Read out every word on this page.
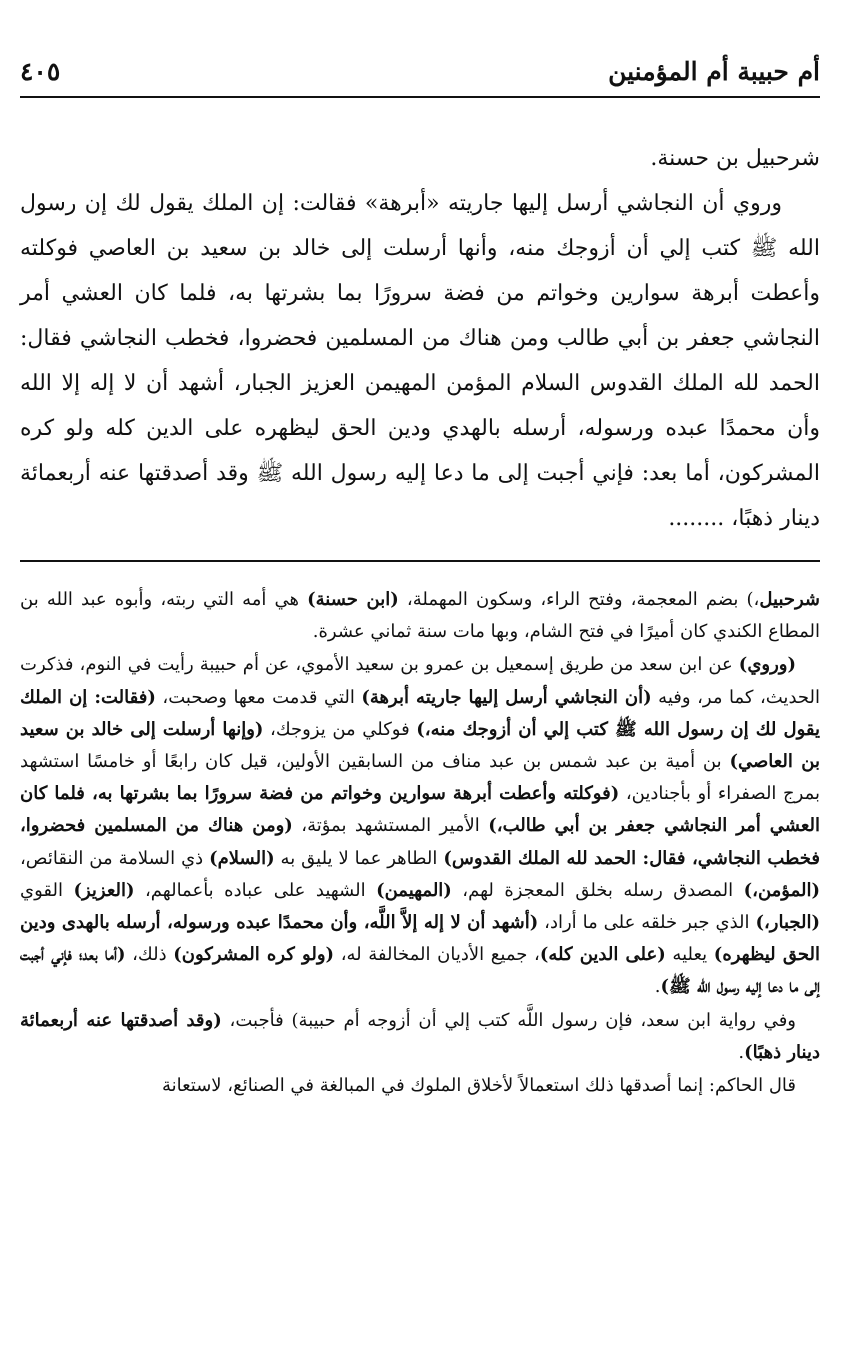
أم حبيبة أم المؤمنين
٤٠٥

شرحبيل بن حسنة.

وروي أن النجاشي أرسل إليها جاريته «أبرهة» فقالت: إن الملك يقول لك إن رسول الله ﷺ كتب إلي أن أزوجك منه، وأنها أرسلت إلى خالد بن سعيد بن العاصي فوكلته وأعطت أبرهة سوارين وخواتم من فضة سرورًا بما بشرتها به، فلما كان العشي أمر النجاشي جعفر بن أبي طالب ومن هناك من المسلمين فحضروا، فخطب النجاشي فقال: الحمد لله الملك القدوس السلام المؤمن المهيمن العزيز الجبار، أشهد أن لا إله إلا الله وأن محمدًا عبده ورسوله، أرسله بالهدي ودين الحق ليظهره على الدين كله ولو كره المشركون، أما بعد: فإني أجبت إلى ما دعا إليه رسول الله ﷺ وقد أصدقتها عنه أربعمائة دينار ذهبًا، ........

شرحبيل،) بضم المعجمة، وفتح الراء، وسكون المهملة، (ابن حسنة) هي أمه التي ربته، وأبوه عبد الله بن المطاع الكندي كان أميرًا في فتح الشام، وبها مات سنة ثماني عشرة.

(وروي) عن ابن سعد من طريق إسمعيل بن عمرو بن سعيد الأموي، عن أم حبيبة رأيت في النوم، فذكرت الحديث، كما مر، وفيه (أن النجاشي أرسل إليها جاريته أبرهة) التي قدمت معها وصحبت، (فقالت: إن الملك يقول لك إن رسول الله ﷺ كتب إلي أن أزوجك منه،) فوكلي من يزوجك، (وإنها أرسلت إلى خالد بن سعيد بن العاصي) بن أمية بن عبد شمس بن عبد مناف من السابقين الأولين، قيل كان رابعًا أو خامسًا استشهد بمرج الصفراء أو بأجنادين، (فوكلته وأعطت أبرهة سوارين وخواتم من فضة سرورًا بما بشرتها به، فلما كان العشي أمر النجاشي جعفر بن أبي طالب،) الأمير المستشهد بمؤتة، (ومن هناك من المسلمين فحضروا، فخطب النجاشي، فقال: الحمد لله الملك القدوس) الطاهر عما لا يليق به (السلام) ذي السلامة من النقائص، (المؤمن،) المصدق رسله بخلق المعجزة لهم، (المهيمن) الشهيد على عباده بأعمالهم، (العزيز) القوي (الجبار،) الذي جبر خلقه على ما أراد، (أشهد أن لا إله إلاَّ اللَّه، وأن محمدًا عبده ورسوله، أرسله بالهدى ودين الحق ليظهره) يعليه (على الدين كله)، جميع الأديان المخالفة له، (ولو كره المشركون) ذلك، (أما بعد؛ فإني أجبت إلى ما دعا إليه رسول الله ﷺ).

وفي رواية ابن سعد، فإن رسول اللَّه كتب إلي أن أزوجه أم حبيبة) فأجبت، (وقد أصدقتها عنه أربعمائة دينار ذهبًا).

قال الحاكم: إنما أصدقها ذلك استعمالاً لأخلاق الملوك في المبالغة في الصنائع، لاستعانة
